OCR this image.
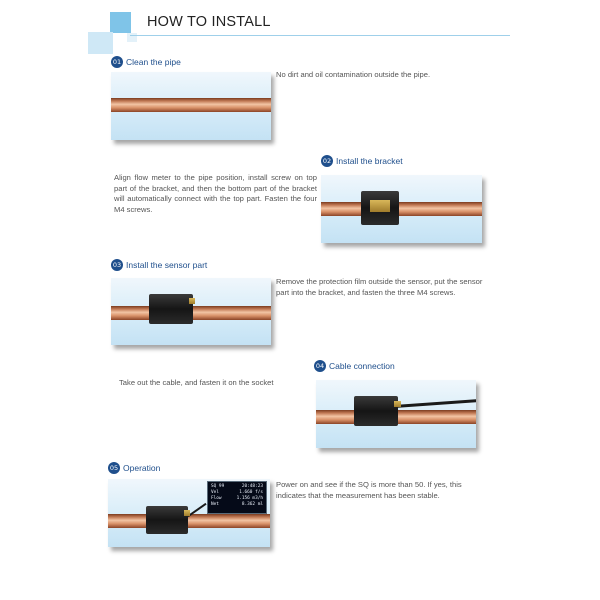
HOW TO INSTALL
01 Clean the pipe
No dirt and oil contamination outside the pipe.
02 Install the bracket
Align flow meter to the pipe position, install screw on top part of the bracket, and then the bottom part of the bracket will automatically connect with the top part. Fasten the four M4 screws.
03 Install the sensor part
Remove the protection film outside the sensor, put the sensor part into the bracket, and fasten the three M4 screws.
04 Cable connection
Take out the cable, and fasten it on the socket
05 Operation
SQ 99	20:48:23
Vel	1.660 f/s
Flow	1.156 m3/h
Net	8.362 ml
Power on and see if the SQ is more than 50. If yes, this indicates that the measurement has been stable.
